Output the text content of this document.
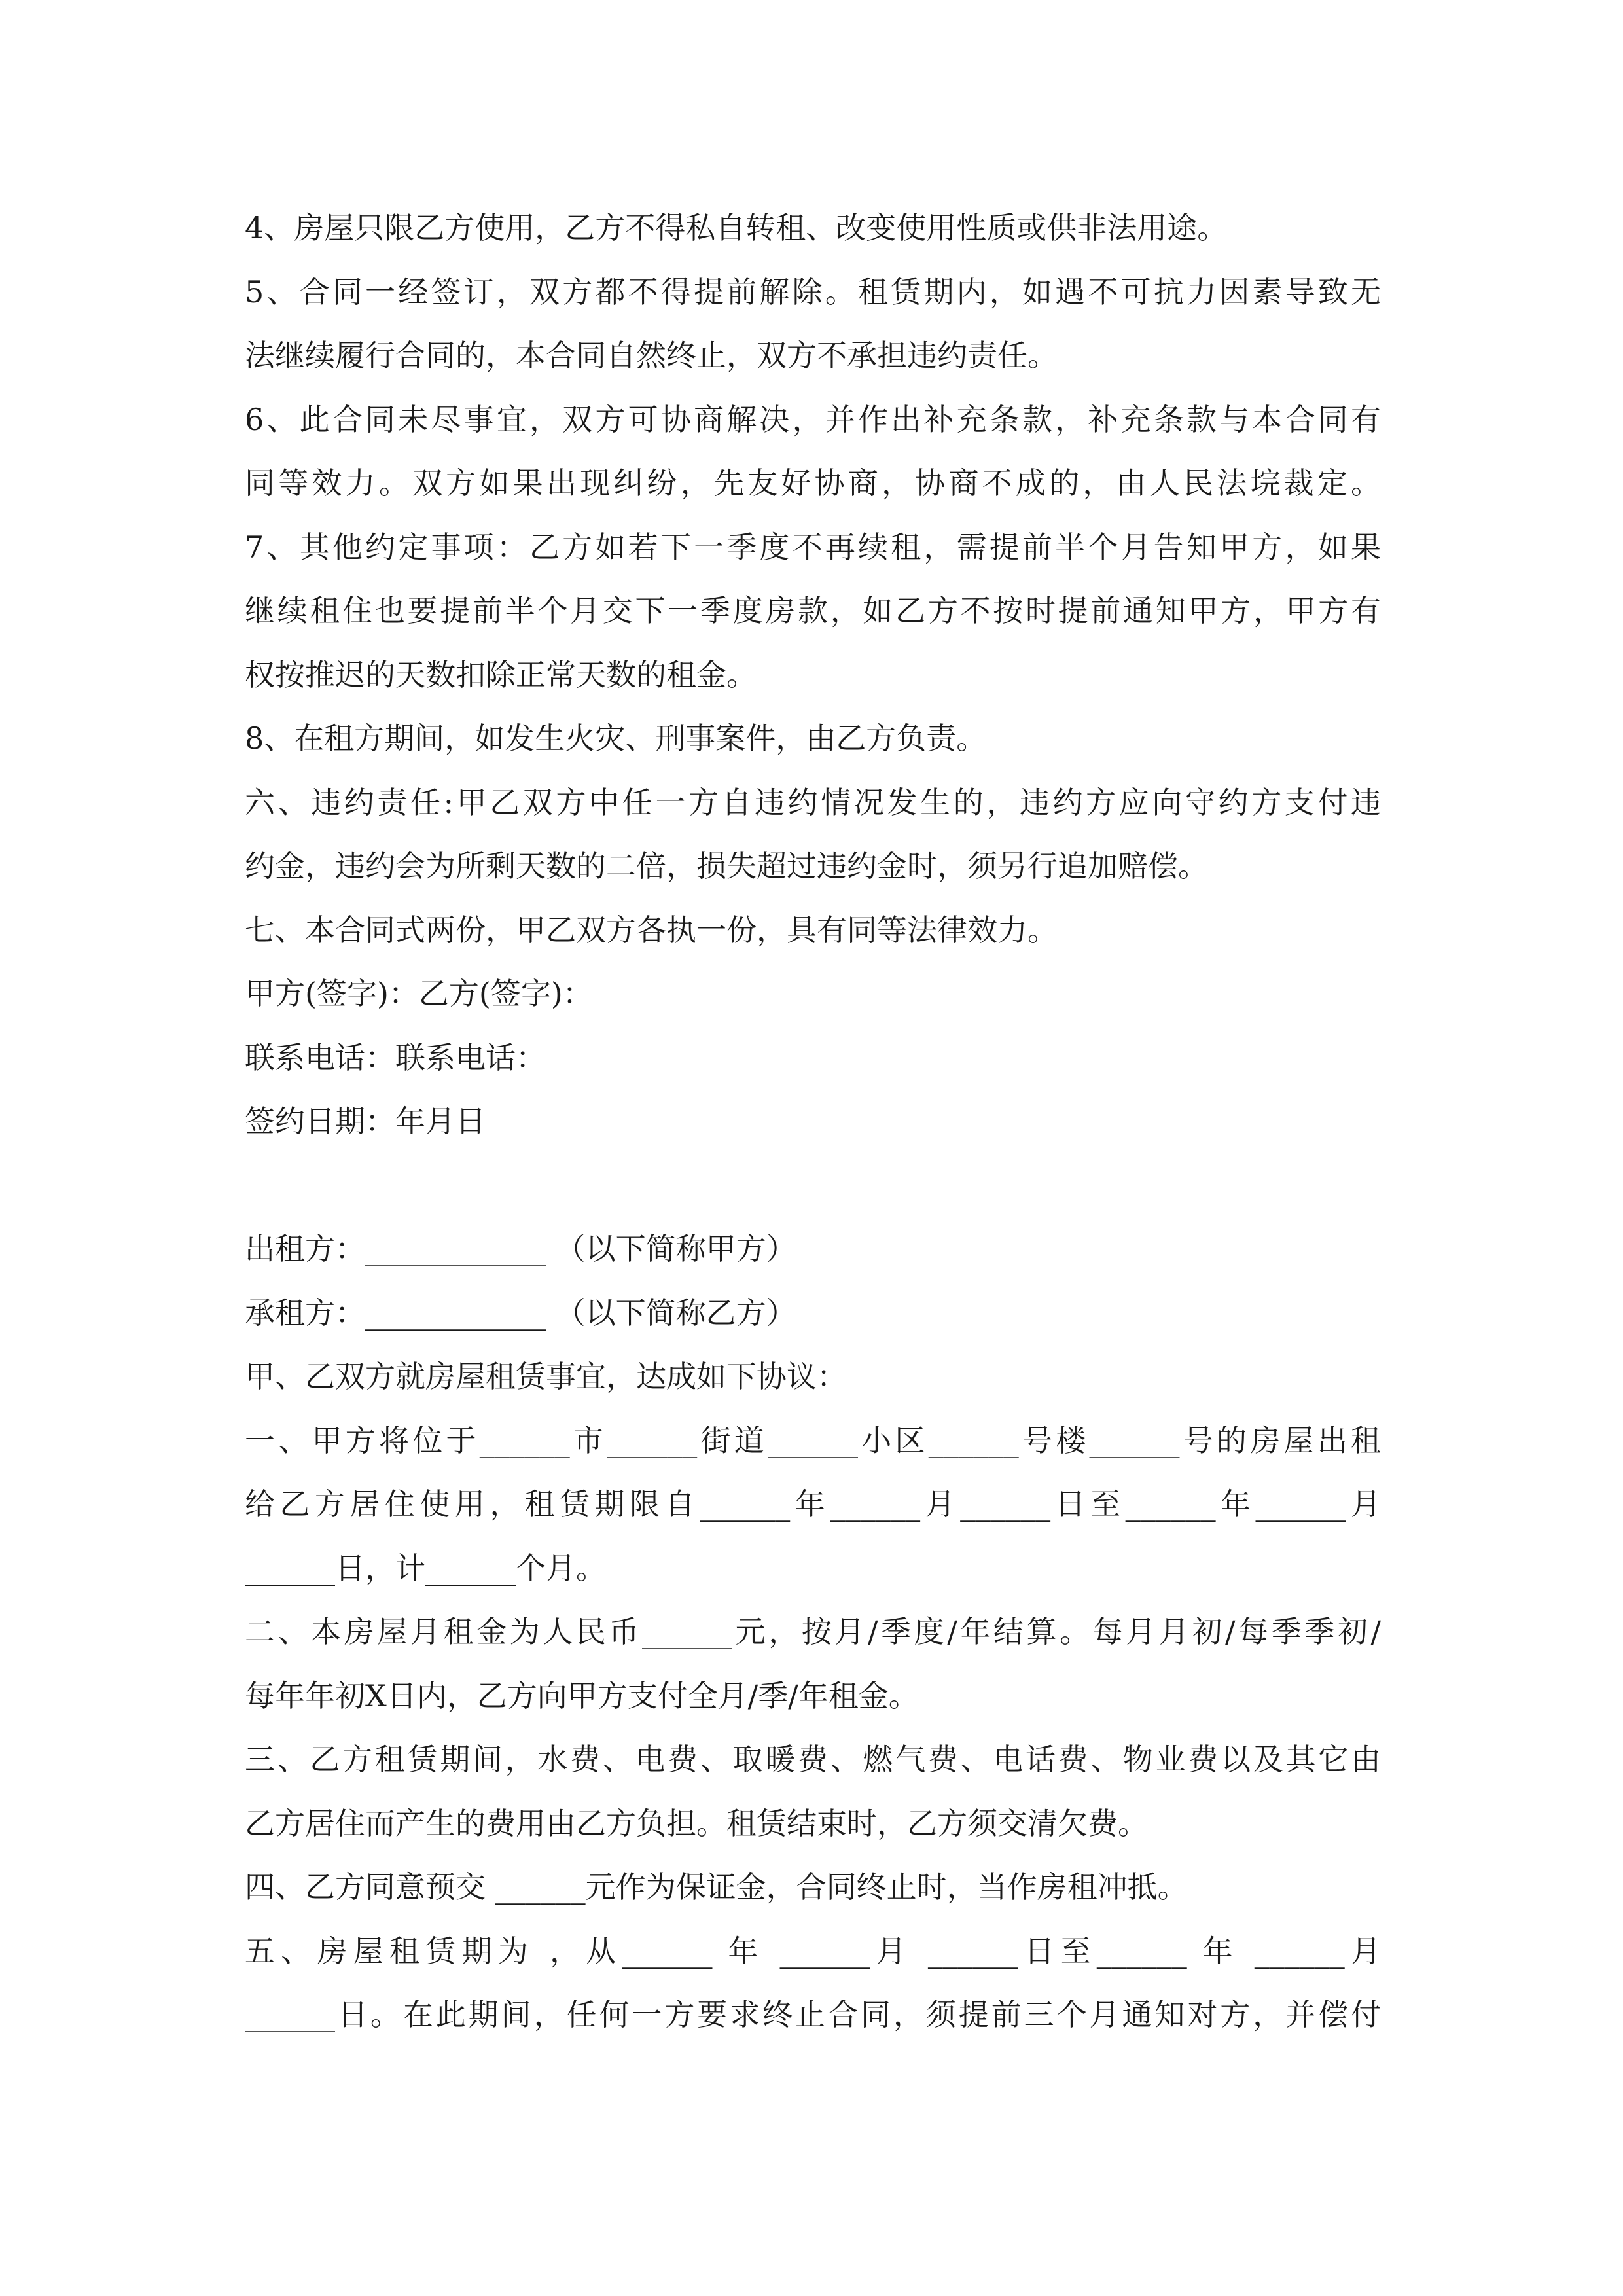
4、房屋只限乙方使用，乙方不得私自转租、改变使用性质或供非法用途。
5、合同一经签订，双方都不得提前解除。租赁期内，如遇不可抗力因素导致无
法继续履行合同的，本合同自然终止，双方不承担违约责任。
6、此合同未尽事宜，双方可协商解决，并作出补充条款，补充条款与本合同有
同等效力。双方如果出现纠纷，先友好协商，协商不成的，由人民法垸裁定。
7、其他约定事项：乙方如若下一季度不再续租，需提前半个月告知甲方，如果
继续租住也要提前半个月交下一季度房款，如乙方不按时提前通知甲方，甲方有
权按推迟的天数扣除正常天数的租金。
8、在租方期间，如发生火灾、刑事案件，由乙方负责。
六、违约责任:甲乙双方中任一方自违约情况发生的，违约方应向守约方支付违
约金，违约会为所剩天数的二倍，损失超过违约金时，须另行追加赔偿。
七、本合同式两份，甲乙双方各执一份，具有同等法律效力。
甲方(签字)：乙方(签字)：
联系电话：联系电话：
签约日期：年月日
出租方：____________ （以下简称甲方）
承租方：____________ （以下简称乙方）
甲、乙双方就房屋租赁事宜，达成如下协议：
一、甲方将位于______市______街道______小区______号楼______号的房屋出租
给乙方居住使用，租赁期限自______年______月______日至______年______月
______日，计______个月。
二、本房屋月租金为人民币______元，按月/季度/年结算。每月月初/每季季初/
每年年初X日内，乙方向甲方支付全月/季/年租金。
三、乙方租赁期间，水费、电费、取暖费、燃气费、电话费、物业费以及其它由
乙方居住而产生的费用由乙方负担。租赁结束时，乙方须交清欠费。
四、乙方同意预交 ______元作为保证金，合同终止时，当作房租冲抵。
五、房屋租赁期为 ，从______ 年 ______月 ______日至______ 年 ______月
______日。在此期间，任何一方要求终止合同，须提前三个月通知对方，并偿付
